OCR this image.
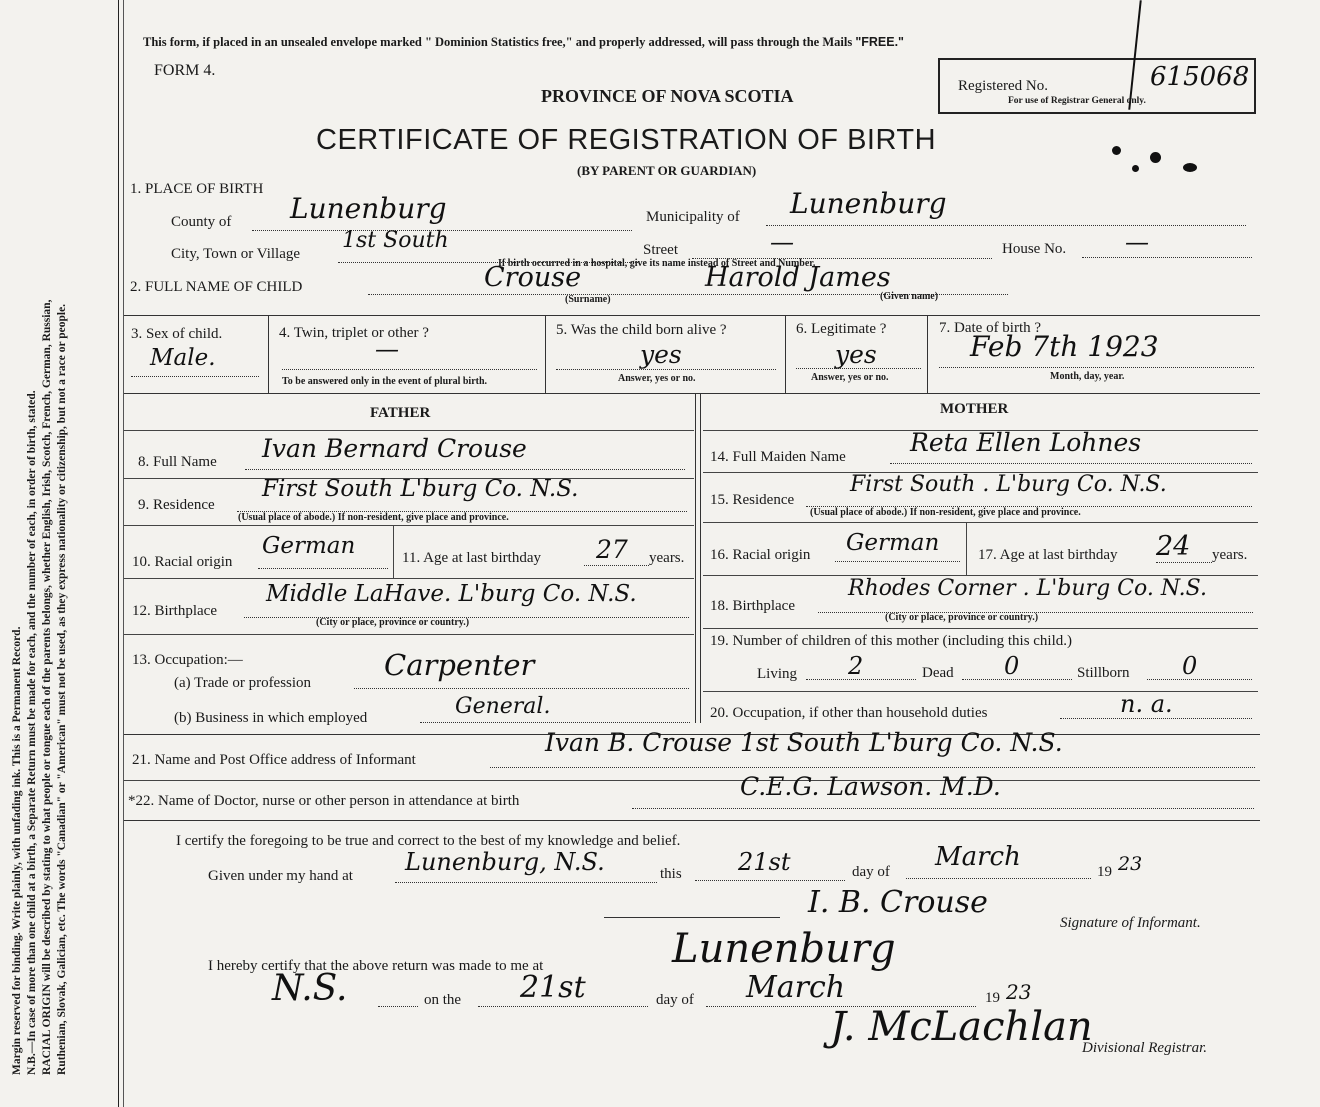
Margin reserved for binding. Write plainly, with unfading ink. This is a Permanent Record. N.B.—In case of more than one child at a birth, a Separate Return must be made for each, and the number of each, in order of birth, stated. RACIAL ORIGIN will be described by stating to what people or tongue each of the parents belongs, whether English, Irish, Scotch, French, German, Russian, Ruthenian, Slovak, Galician, etc. The words "Canadian" or "American" must not be used, as they express nationality or citizenship, but not a race or people.
This form, if placed in an unsealed envelope marked " Dominion Statistics free," and properly addressed, will pass through the Mails "FREE."
FORM 4.
PROVINCE OF NOVA SCOTIA
CERTIFICATE OF REGISTRATION OF BIRTH
(BY PARENT OR GUARDIAN)
Registered No.
For use of Registrar General only.
615068
1. PLACE OF BIRTH
County of Lunenburg	Municipality of Lunenburg
City, Town or Village
1st South	Street	—	House No. —
If birth occurred in a hospital, give its name instead of Street and Number.
2. FULL NAME OF CHILD	Crouse	Harold James
(Surname)	(Given name)
3. Sex of child.
Male.
4. Twin, triplet or other ?
—
To be answered only in the event of plural birth.
5. Was the child born alive ?
yes
Answer, yes or no.
6. Legitimate ?
yes
Answer, yes or no.
7. Date of birth ?
Feb 7th 1923
Month, day, year.
FATHER	MOTHER
8. Full Name Ivan Bernard Crouse
9. Residence
First South L'burg Co. N.S.
(Usual place of abode.) If non-resident, give place and province.
10. Racial origin
German	11. Age at last birthday 27 years.
12. Birthplace
Middle LaHave. L'burg Co. N.S.
(City or place, province or country.)
13. Occupation:—
(a) Trade or profession
Carpenter
(b) Business in which employed	General.
14. Full Maiden Name	Reta Ellen Lohnes
15. Residence
First South . L'burg Co. N.S.
(Usual place of abode.) If non-resident, give place and province.
16. Racial origin German	17. Age at last birthday 24 years.
18. Birthplace
Rhodes Corner . L'burg Co. N.S.
(City or place, province or country.)
19. Number of children of this mother (including this child.)
Living 2	Dead 0	Stillborn 0
20. Occupation, if other than household duties	n. a.
21. Name and Post Office address of Informant
Ivan B. Crouse 1st South L'burg Co. N.S.
*22. Name of Doctor, nurse or other person in attendance at birth	C.E.G. Lawson. M.D.
I certify the foregoing to be true and correct to the best of my knowledge and belief.
Given under my hand at Lunenburg, N.S.	this 21st	day of March	19 23
I. B. Crouse
Signature of Informant.
I hereby certify that the above return was made to me at	Lunenburg
N.S.	on the 21st	day of March	19 23
J. McLachlan
Divisional Registrar.
